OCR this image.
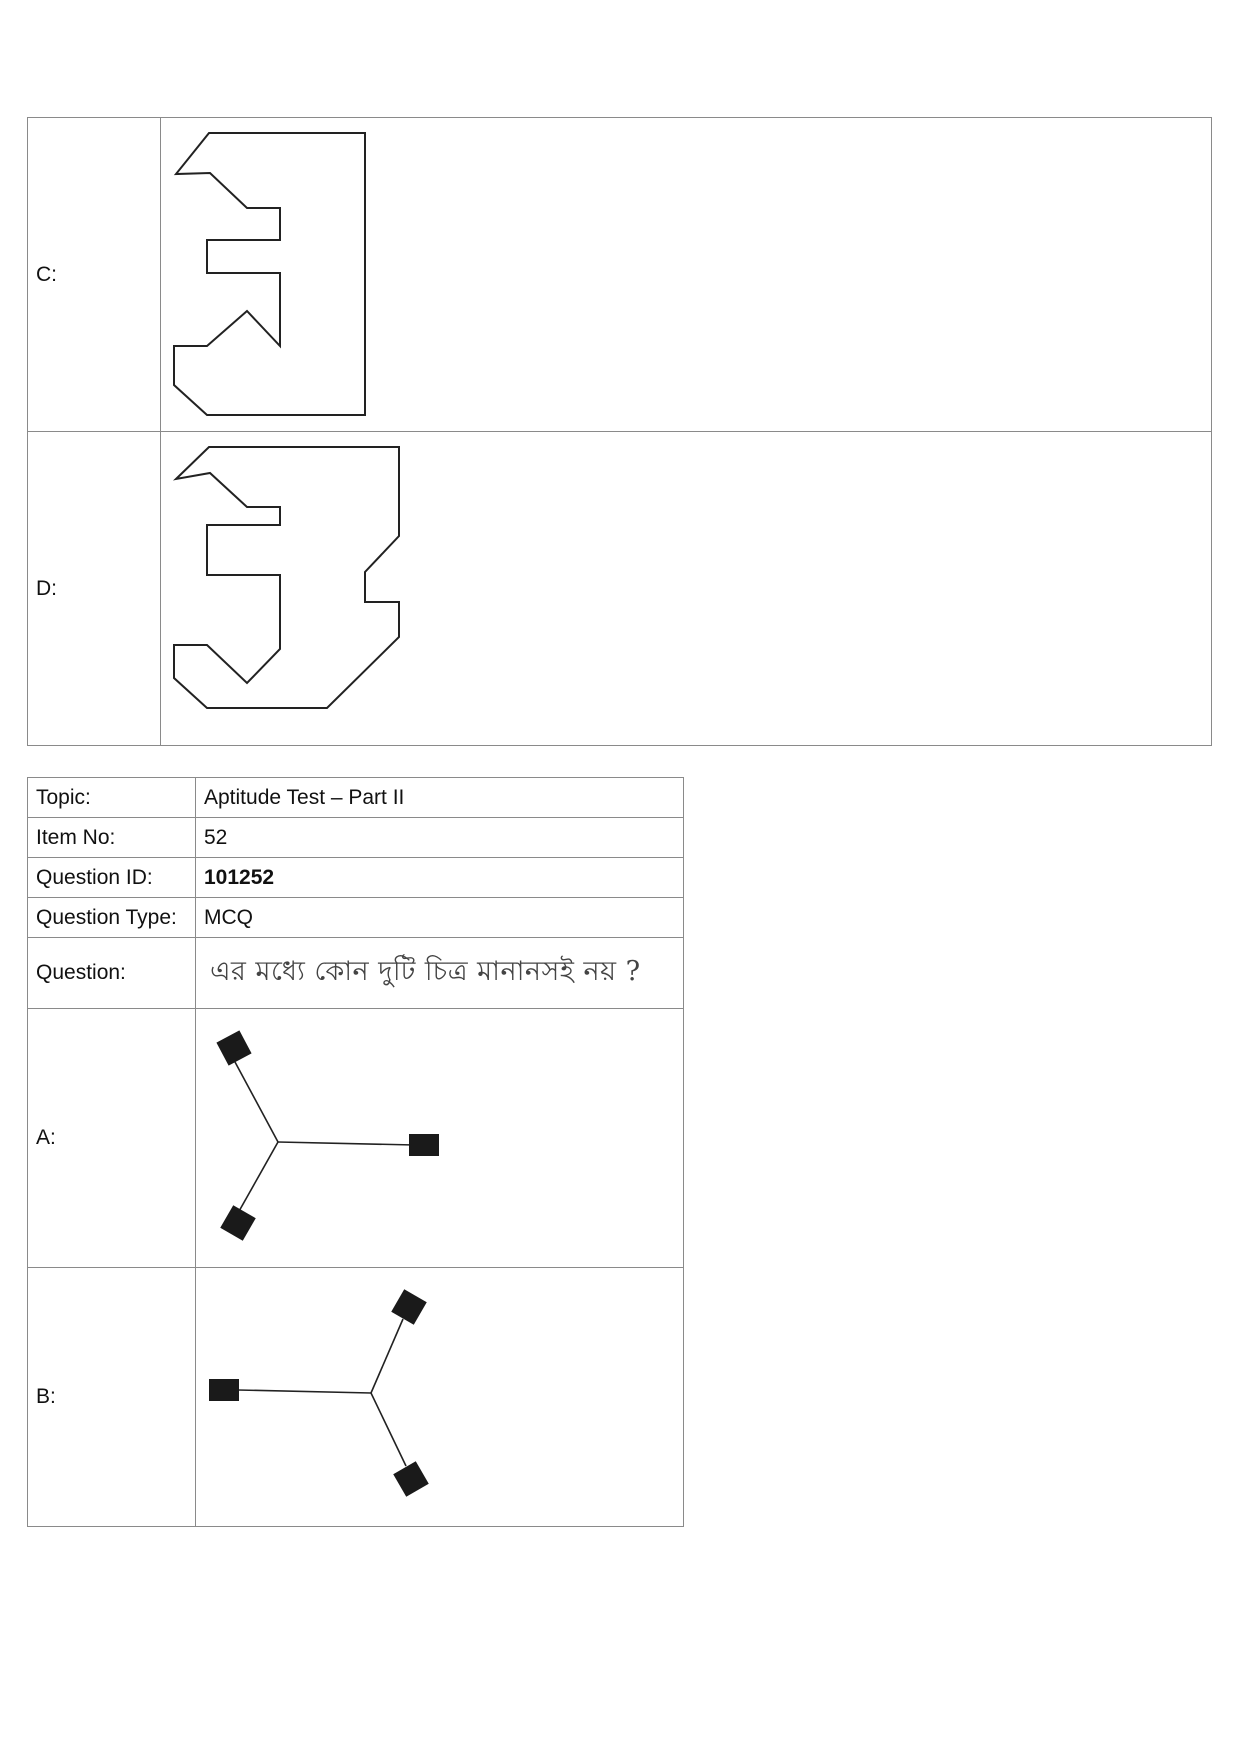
C:	

D:	
Topic:	Aptitude Test – Part II
Item No:	52
Question ID:	101252
Question Type:	MCQ
Question:	এর মধ্যে কোন দুটি চিত্র মানানসই নয় ?
A:	

B:	
